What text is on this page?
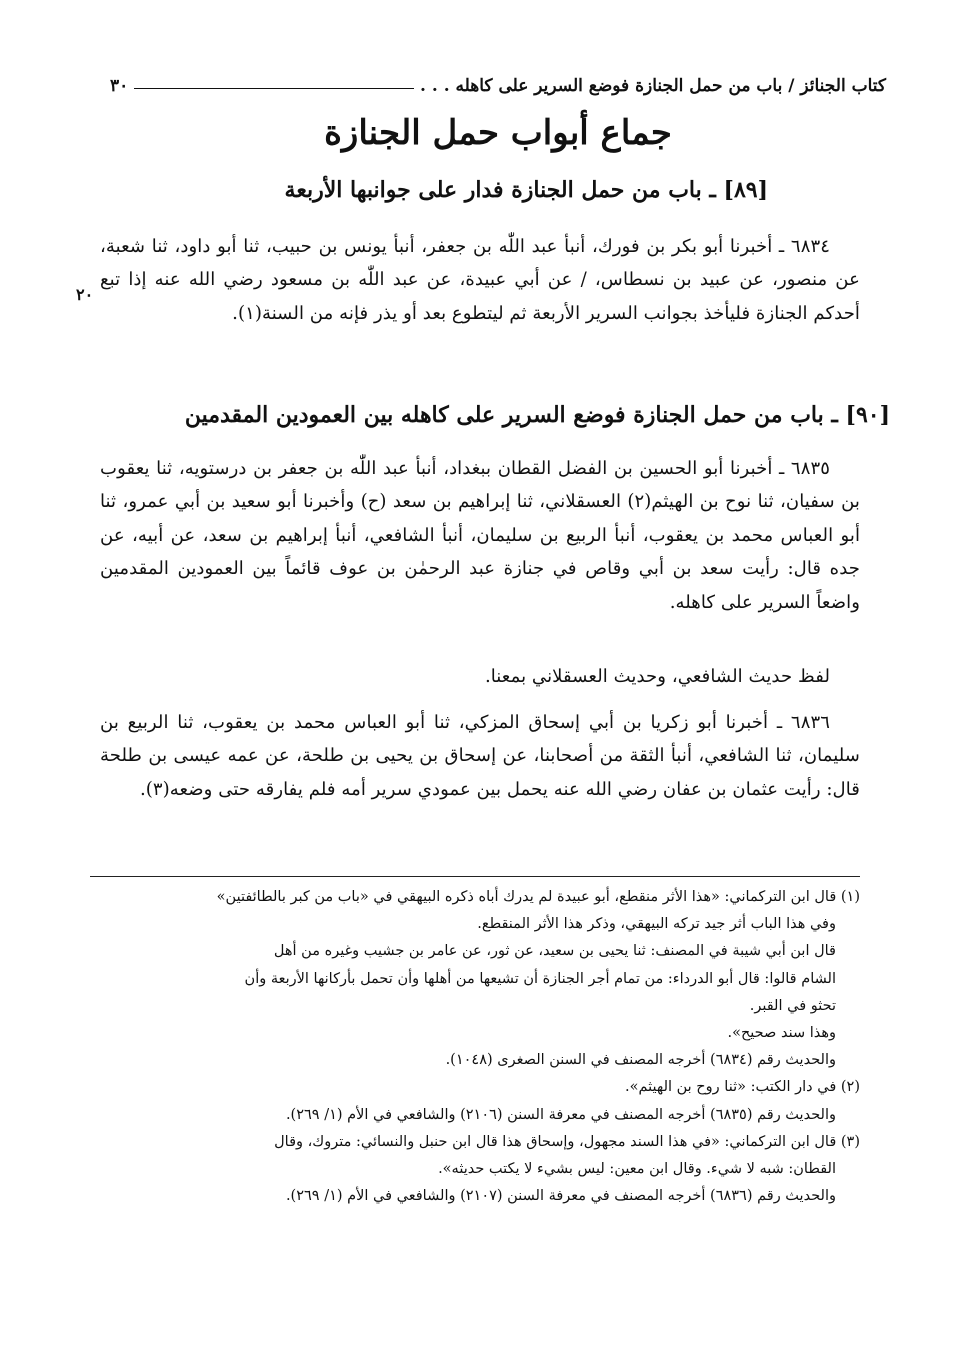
كتاب الجنائز / باب من حمل الجنازة فوضع السرير على كاهله . . .
٣٠
جماع أبواب حمل الجنازة
[٨٩] ـ باب من حمل الجنازة فدار على جوانبها الأربعة
٦٨٣٤ ـ أخبرنا أبو بكر بن فورك، أنبأ عبد اللّٰه بن جعفر، أنبأ يونس بن حبيب، ثنا أبو داود، ثنا شعبة، عن منصور، عن عبيد بن نسطاس، / عن أبي عبيدة، عن عبد اللّٰه بن مسعود رضي الله عنه إذا تبع أحدكم الجنازة فليأخذ بجوانب السرير الأربعة ثم ليتطوع بعد أو يذر فإنه من السنة(١).
٢٠
[٩٠] ـ باب من حمل الجنازة فوضع السرير على كاهله بين العمودين المقدمين
٦٨٣٥ ـ أخبرنا أبو الحسين بن الفضل القطان ببغداد، أنبأ عبد اللّٰه بن جعفر بن درستويه، ثنا يعقوب بن سفيان، ثنا نوح بن الهيثم(٢) العسقلاني، ثنا إبراهيم بن سعد (ح) وأخبرنا أبو سعيد بن أبي عمرو، ثنا أبو العباس محمد بن يعقوب، أنبأ الربيع بن سليمان، أنبأ الشافعي، أنبأ إبراهيم بن سعد، عن أبيه، عن جده قال: رأيت سعد بن أبي وقاص في جنازة عبد الرحمٰن بن عوف قائماً بين العمودين المقدمين واضعاً السرير على كاهله.
لفظ حديث الشافعي، وحديث العسقلاني بمعنا.
٦٨٣٦ ـ أخبرنا أبو زكريا بن أبي إسحاق المزكي، ثنا أبو العباس محمد بن يعقوب، ثنا الربيع بن سليمان، ثنا الشافعي، أنبأ الثقة من أصحابنا، عن إسحاق بن يحيى بن طلحة، عن عمه عيسى بن طلحة قال: رأيت عثمان بن عفان رضي الله عنه يحمل بين عمودي سرير أمه فلم يفارقه حتى وضعه(٣).
(١) قال ابن التركماني: «هذا الأثر منقطع، أبو عبيدة لم يدرك أباه ذكره البيهقي في «باب من كبر بالطائفتين»
وفي هذا الباب أثر جيد تركه البيهقي، وذكر هذا الأثر المنقطع.
قال ابن أبي شيبة في المصنف: ثنا يحيى بن سعيد، عن ثور، عن عامر بن جشيب وغيره من أهل
الشام قالوا: قال أبو الدرداء: من تمام أجر الجنازة أن تشيعها من أهلها وأن تحمل بأركانها الأربعة وأن
تحثو في القبر.
وهذا سند صحيح».
والحديث رقم (٦٨٣٤) أخرجه المصنف في السنن الصغرى (١٠٤٨).
(٢) في دار الكتب: «ثنا روح بن الهيثم».
والحديث رقم (٦٨٣٥) أخرجه المصنف في معرفة السنن (٢١٠٦) والشافعي في الأم (١/ ٢٦٩).
(٣) قال ابن التركماني: «في هذا السند مجهول، وإسحاق هذا قال ابن حنبل والنسائي: متروك، وقال
القطان: شبه لا شيء. وقال ابن معين: ليس بشيء لا يكتب حديثه».
والحديث رقم (٦٨٣٦) أخرجه المصنف في معرفة السنن (٢١٠٧) والشافعي في الأم (١/ ٢٦٩).
